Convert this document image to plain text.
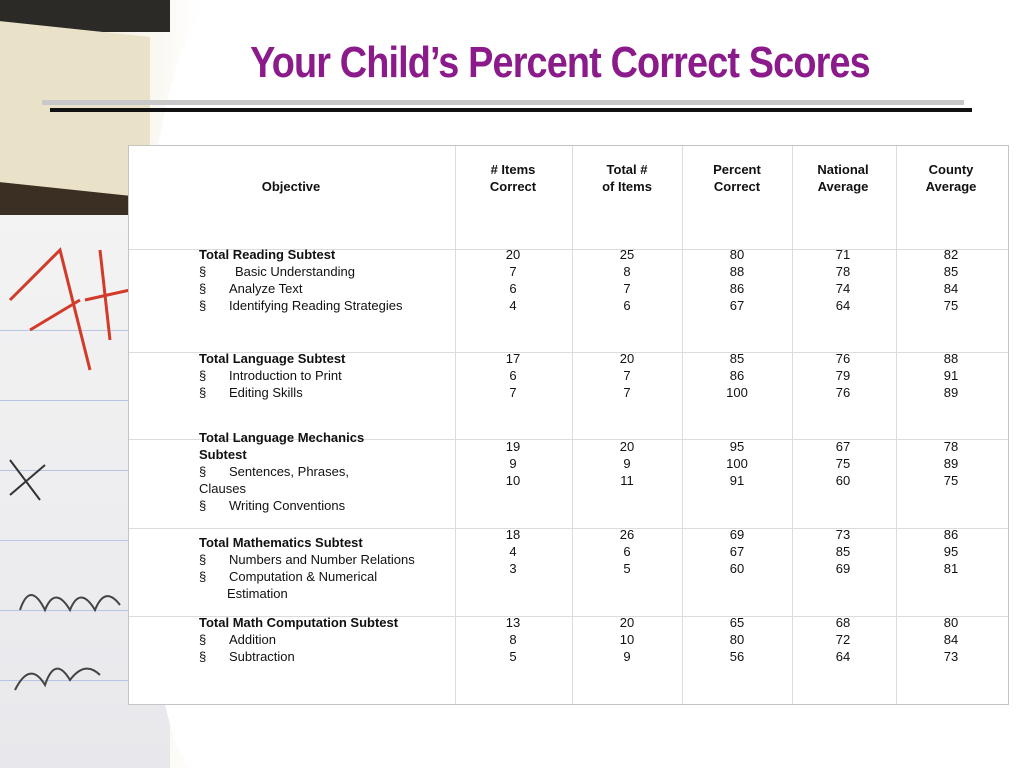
Your Child’s Percent Correct Scores
Objective
# Items
Correct
Total #
of Items
Percent
Correct
National
Average
County
Average
Total Reading Subtest
§ Basic Understanding
§ Analyze Text
§ Identifying Reading Strategies
20
7
6
4
25
8
7
6
80
88
86
67
71
78
74
64
82
85
84
75
Total Language Subtest
§ Introduction to Print
§ Editing Skills
17
6
7
20
7
7
85
86
100
76
79
76
88
91
89
Total Language Mechanics Subtest
§ Sentences, Phrases, Clauses
§ Writing Conventions
19
9
10
20
9
11
95
100
91
67
75
60
78
89
75
Total Mathematics Subtest
§ Numbers and Number Relations
§ Computation & Numerical
Estimation
18
4
3
26
6
5
69
67
60
73
85
69
86
95
81
Total Math Computation Subtest
§ Addition
§ Subtraction
13
8
5
20
10
9
65
80
56
68
72
64
80
84
73
